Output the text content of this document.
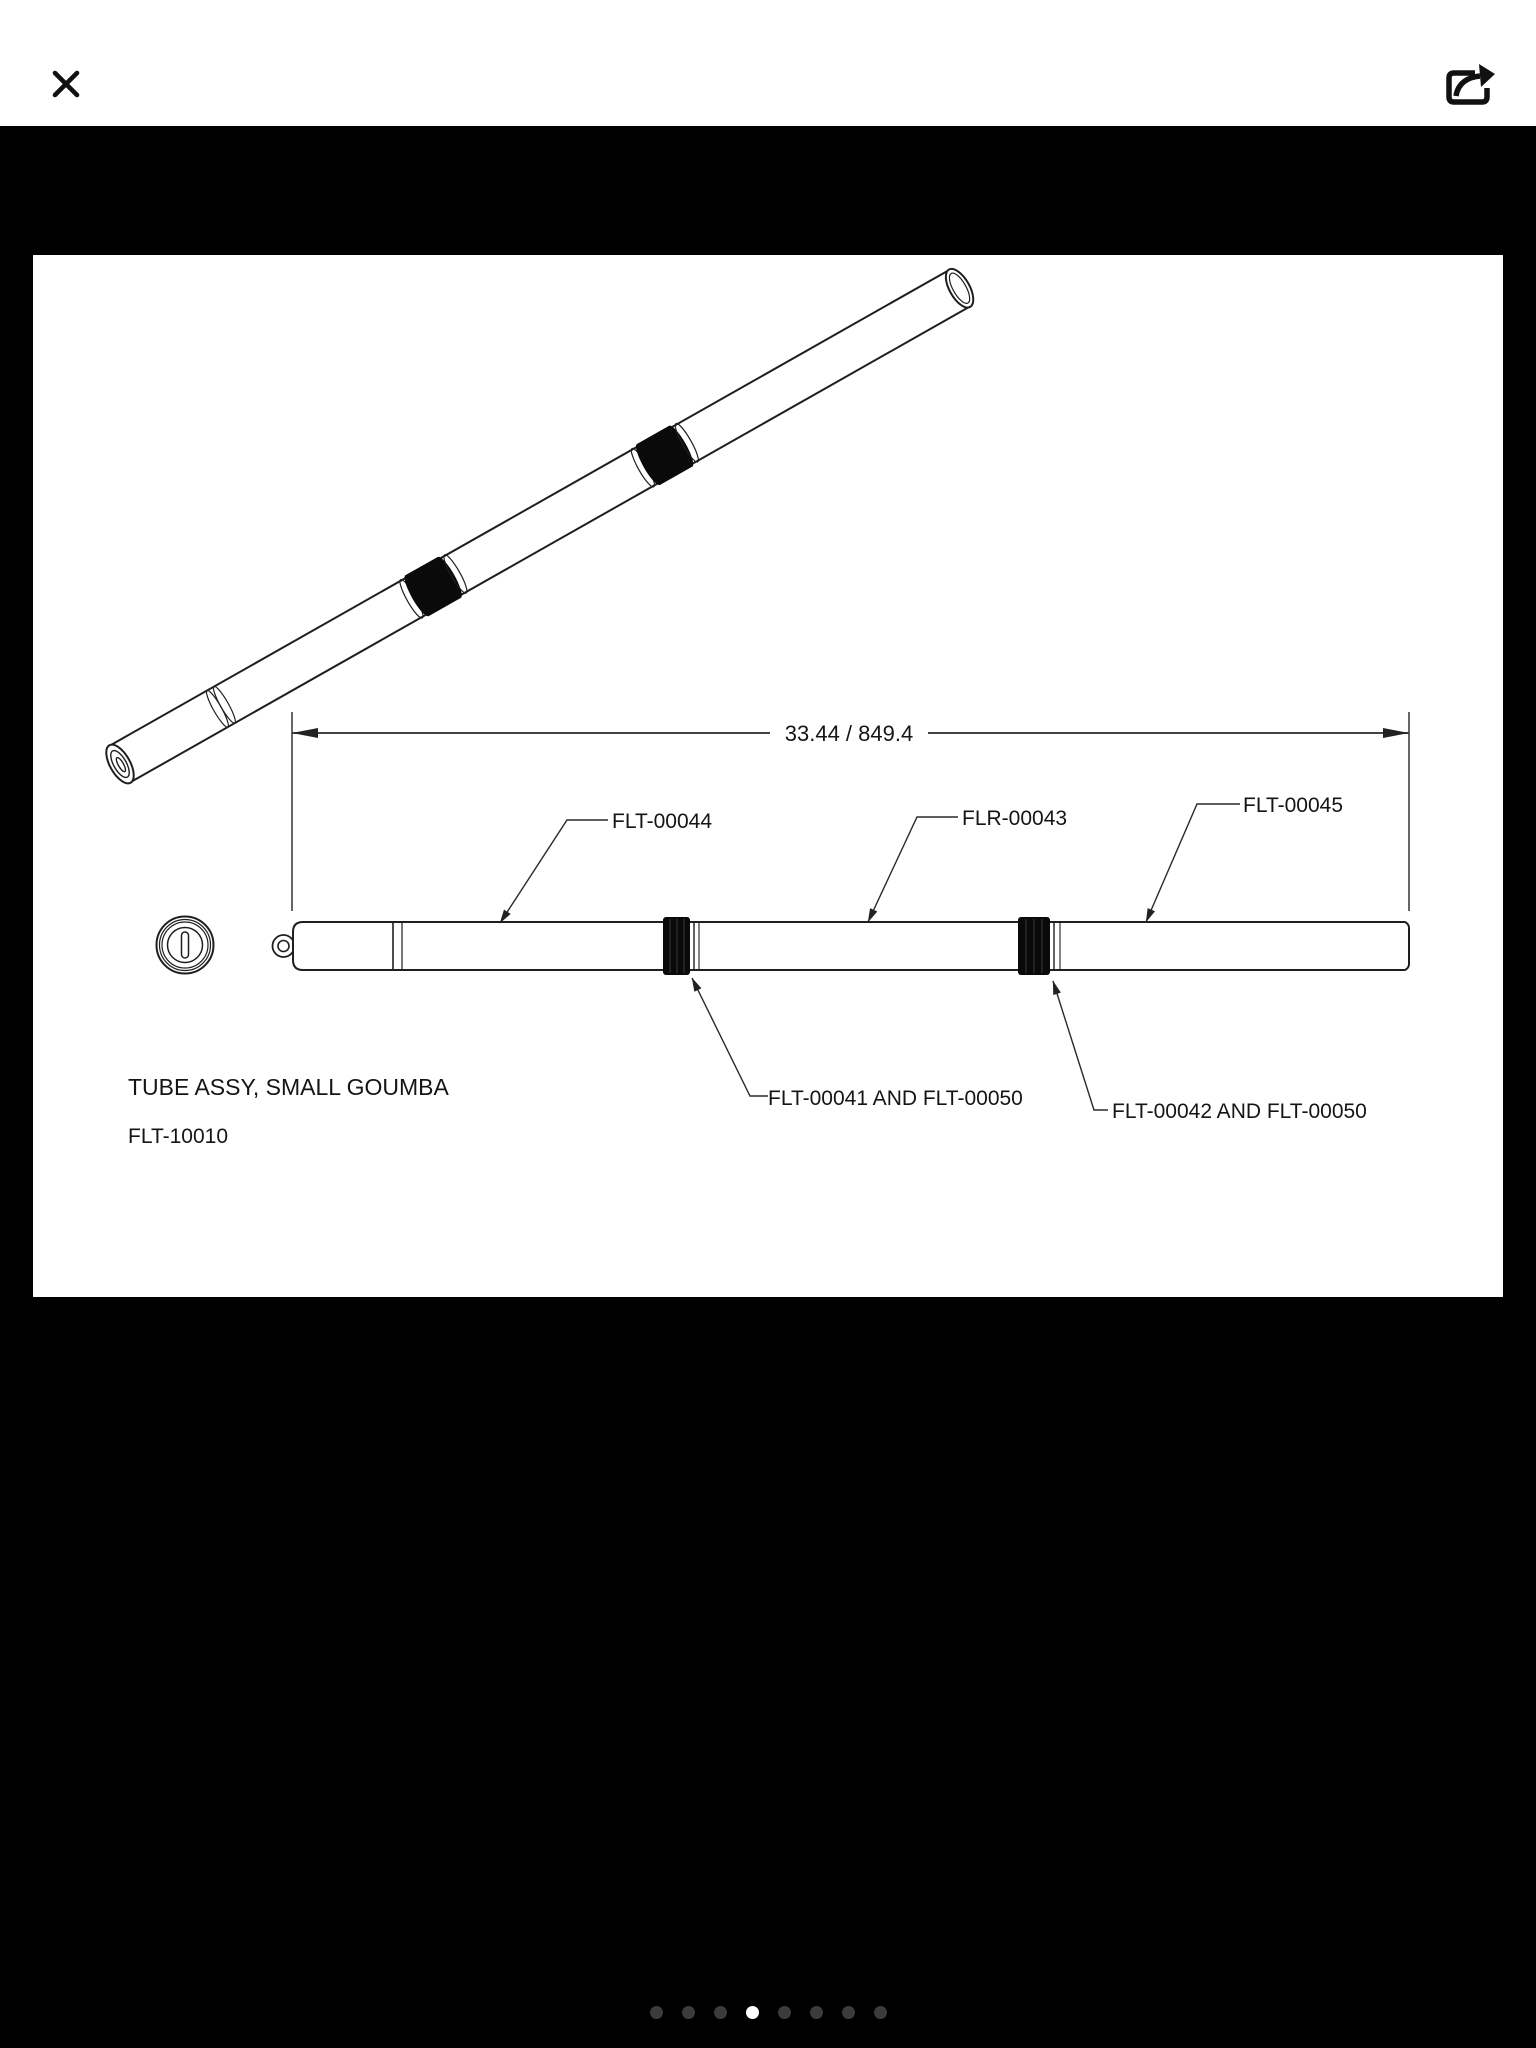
33.44 / 849.4
FLT-00044	FLR-00043
FLT-00045
FLT-00041 AND FLT-00050
FLT-00042 AND FLT-00050
TUBE ASSY, SMALL GOUMBA
FLT-10010
